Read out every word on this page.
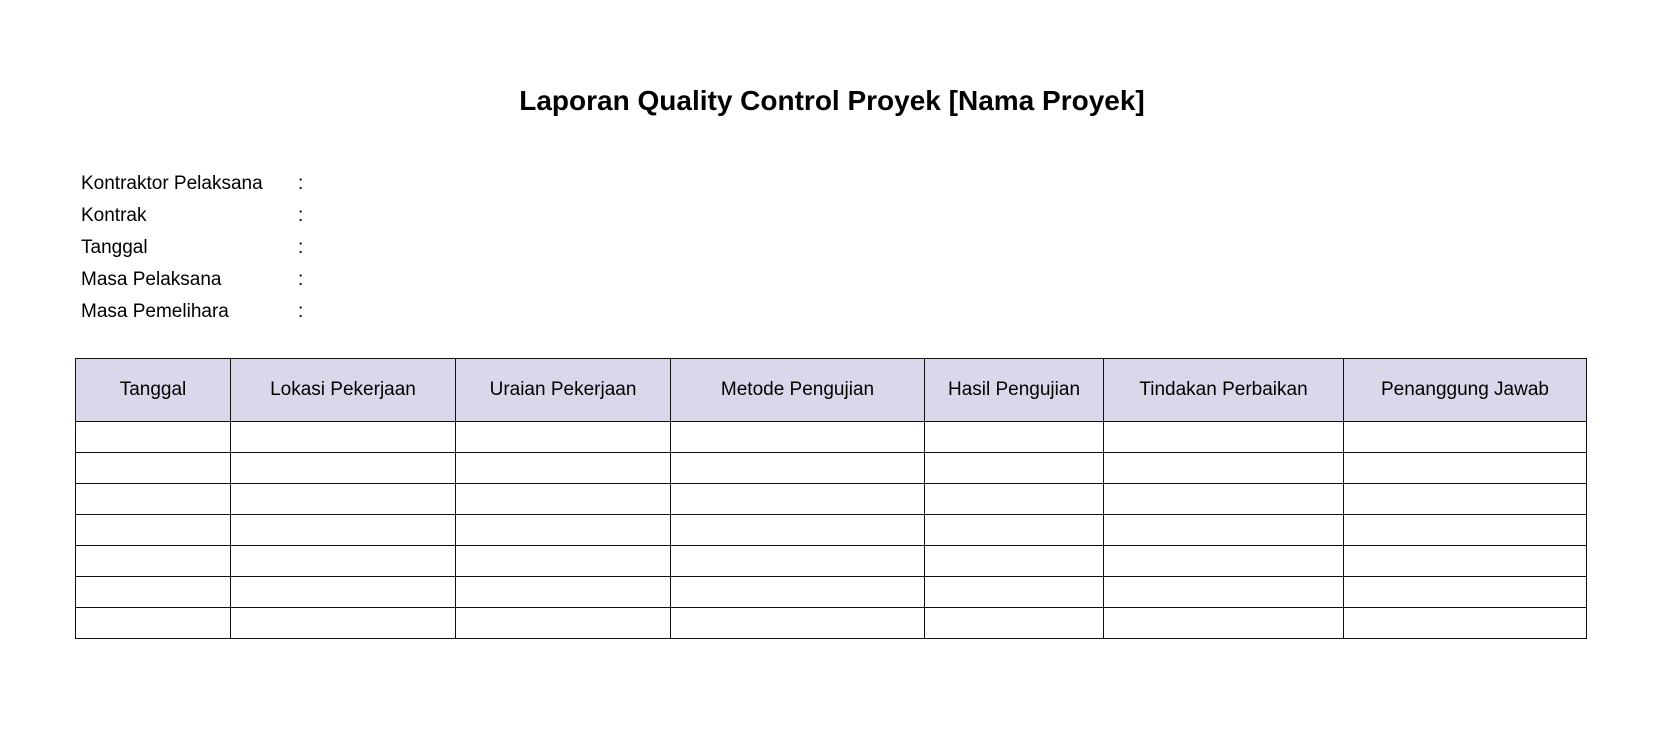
Laporan Quality Control Proyek [Nama Proyek]
Kontraktor Pelaksana :
Kontrak	:
Tanggal	:
Masa Pelaksana	:
Masa Pemelihara	:
Tanggal	Lokasi Pekerjaan	Uraian Pekerjaan	Metode Pengujian	Hasil Pengujian	Tindakan Perbaikan	Penanggung Jawab
